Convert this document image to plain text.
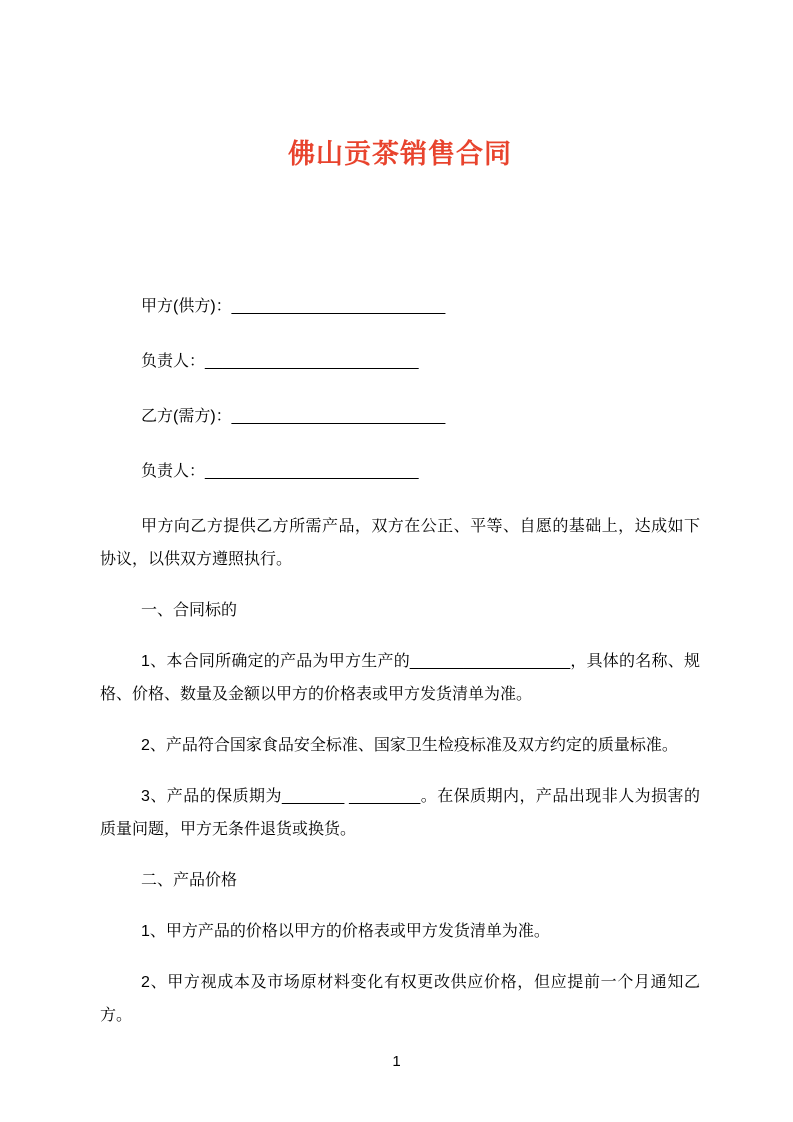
佛山贡茶销售合同

甲方(供方)：________________________

负责人：________________________

乙方(需方)：________________________

负责人：________________________

甲方向乙方提供乙方所需产品，双方在公正、平等、自愿的基础上，达成如下协议，以供双方遵照执行。

一、合同标的

1、本合同所确定的产品为甲方生产的__________________，具体的名称、规格、价格、数量及金额以甲方的价格表或甲方发货清单为准。

2、产品符合国家食品安全标准、国家卫生检疫标准及双方约定的质量标准。

3、产品的保质期为_______ ________。在保质期内，产品出现非人为损害的质量问题，甲方无条件退货或换货。

二、产品价格

1、甲方产品的价格以甲方的价格表或甲方发货清单为准。

2、甲方视成本及市场原材料变化有权更改供应价格，但应提前一个月通知乙方。

1
